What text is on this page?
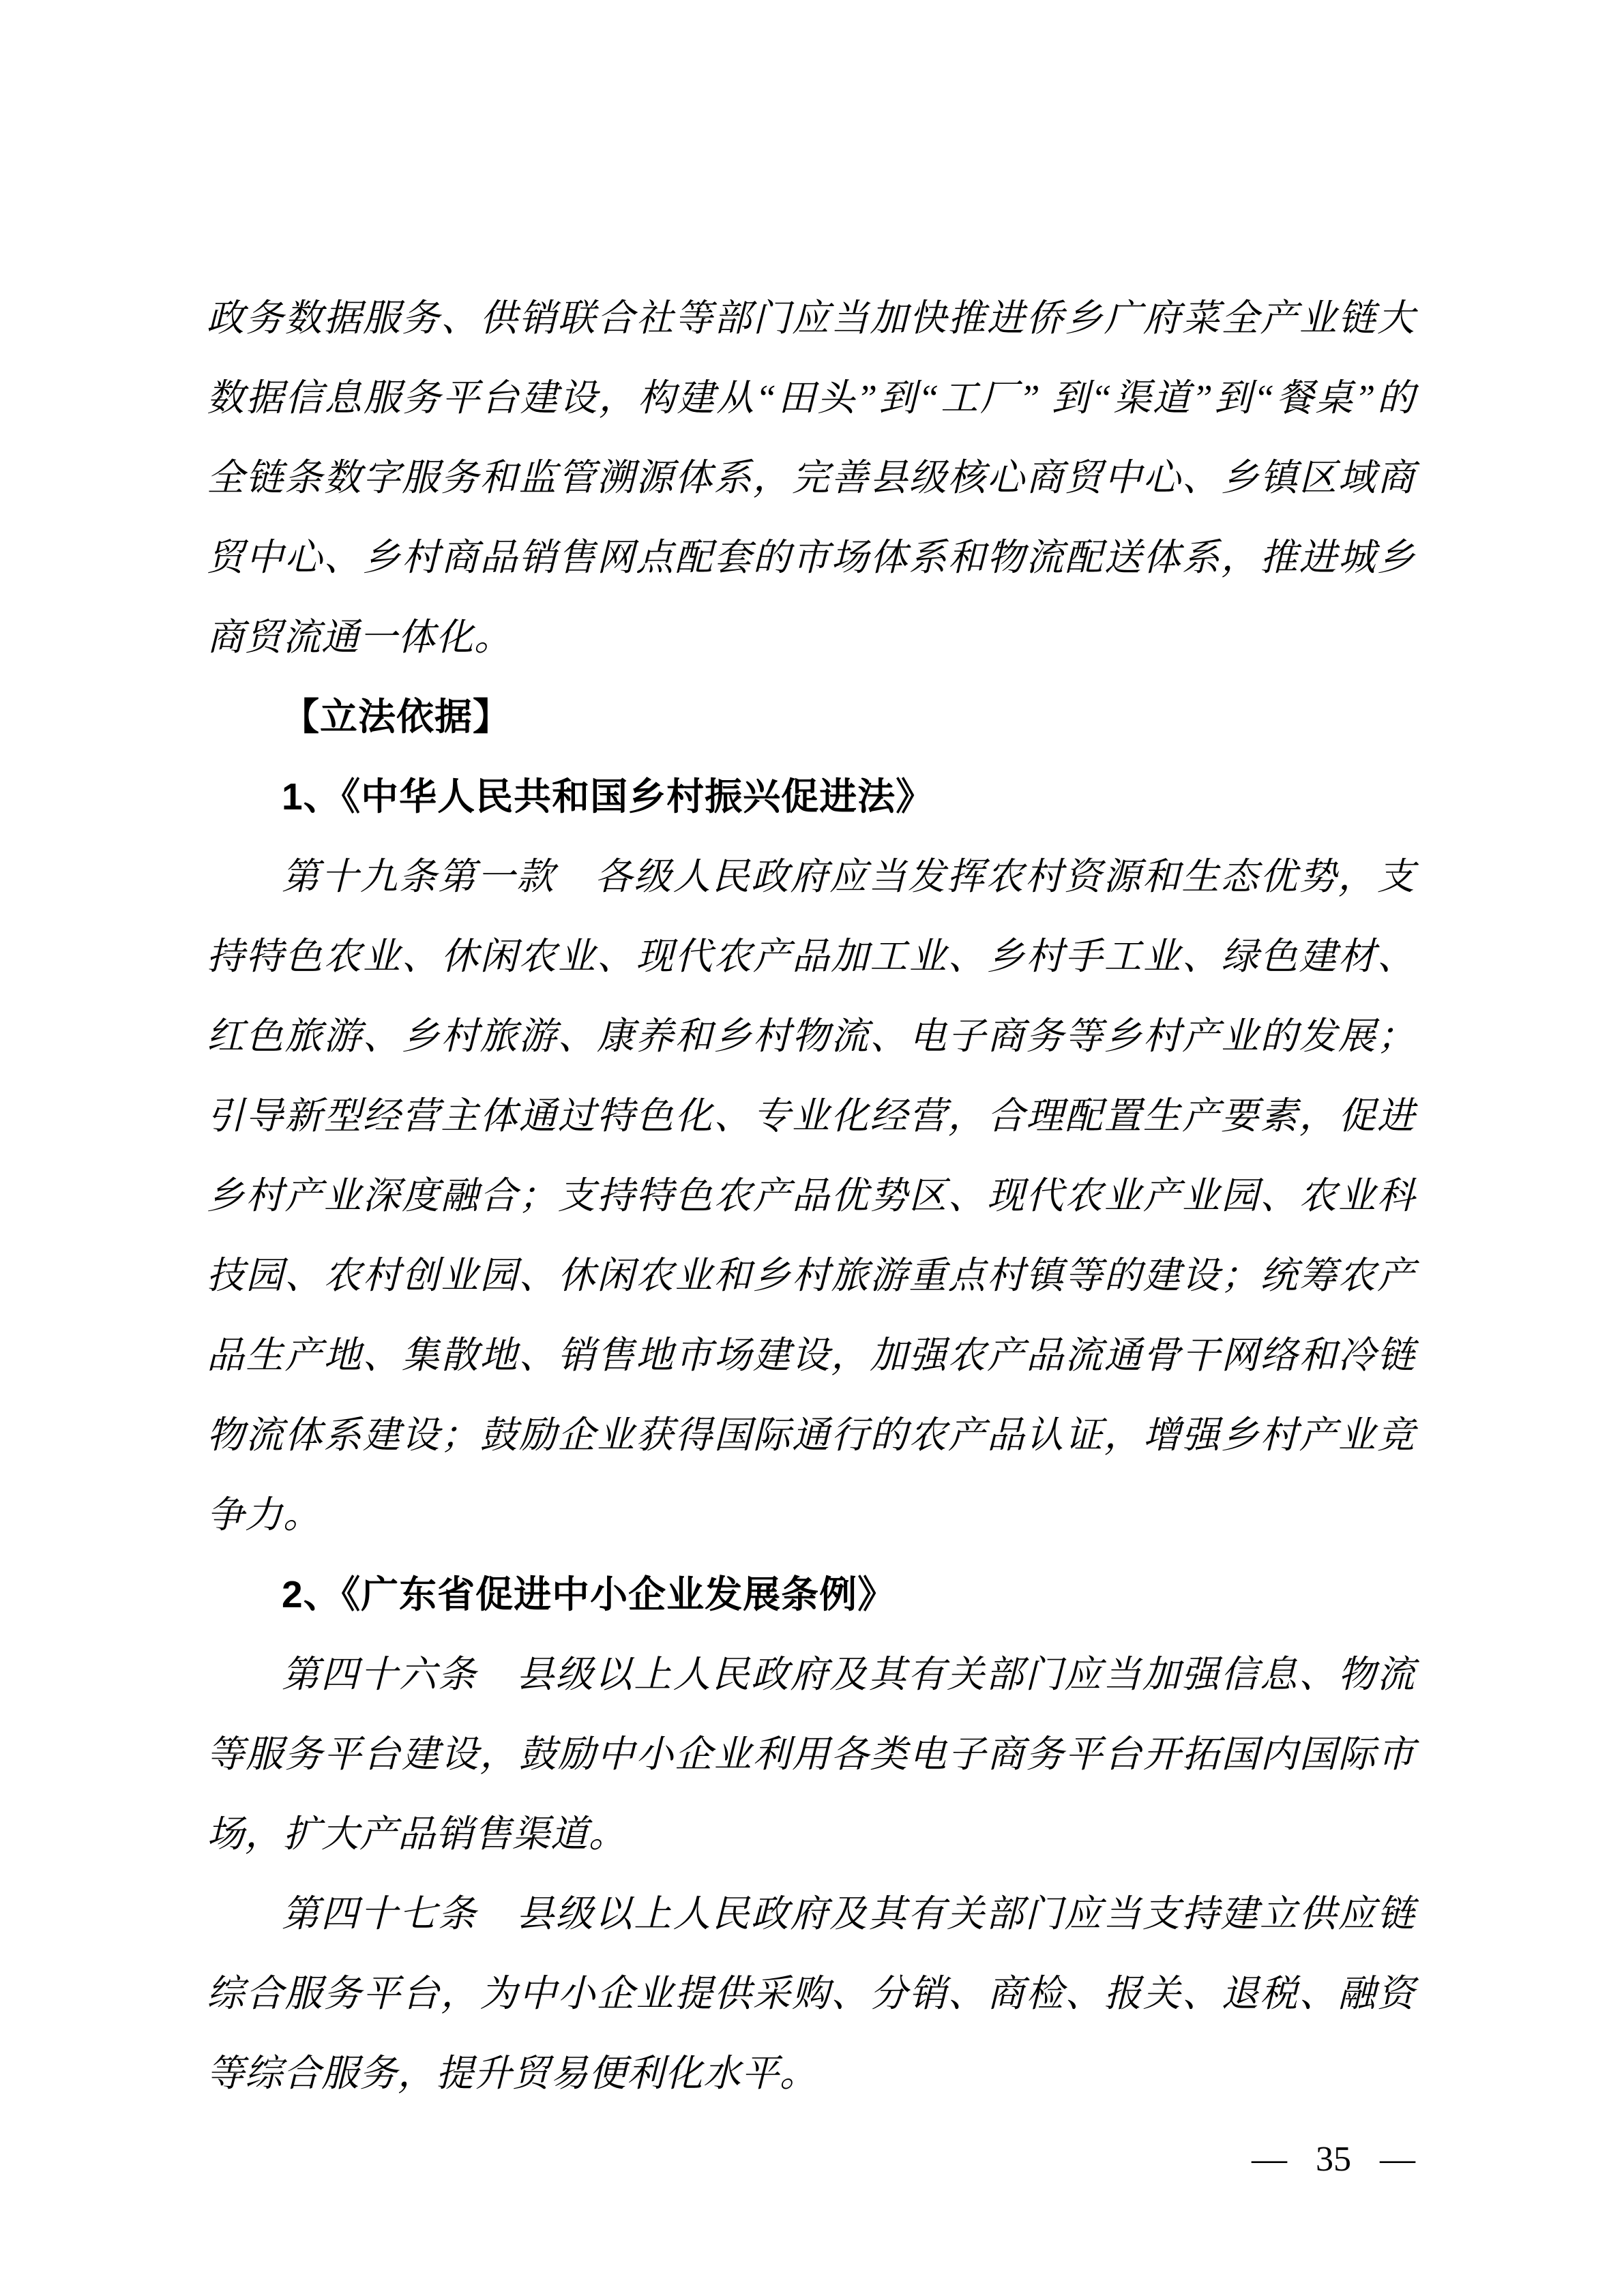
政务数据服务、供销联合社等部门应当加快推进侨乡广府菜全产业链大数据信息服务平台建设，构建从“田头”到“工厂” 到“渠道”到“餐桌”的全链条数字服务和监管溯源体系，完善县级核心商贸中心、乡镇区域商贸中心、乡村商品销售网点配套的市场体系和物流配送体系，推进城乡商贸流通一体化。

【立法依据】

1、《中华人民共和国乡村振兴促进法》

第十九条第一款　各级人民政府应当发挥农村资源和生态优势，支持特色农业、休闲农业、现代农产品加工业、乡村手工业、绿色建材、红色旅游、乡村旅游、康养和乡村物流、电子商务等乡村产业的发展；引导新型经营主体通过特色化、专业化经营，合理配置生产要素，促进乡村产业深度融合；支持特色农产品优势区、现代农业产业园、农业科技园、农村创业园、休闲农业和乡村旅游重点村镇等的建设；统筹农产品生产地、集散地、销售地市场建设，加强农产品流通骨干网络和冷链物流体系建设；鼓励企业获得国际通行的农产品认证，增强乡村产业竞争力。

2、《广东省促进中小企业发展条例》

第四十六条　县级以上人民政府及其有关部门应当加强信息、物流等服务平台建设，鼓励中小企业利用各类电子商务平台开拓国内国际市场，扩大产品销售渠道。

第四十七条　县级以上人民政府及其有关部门应当支持建立供应链综合服务平台，为中小企业提供采购、分销、商检、报关、退税、融资等综合服务，提升贸易便利化水平。

— 35 —
